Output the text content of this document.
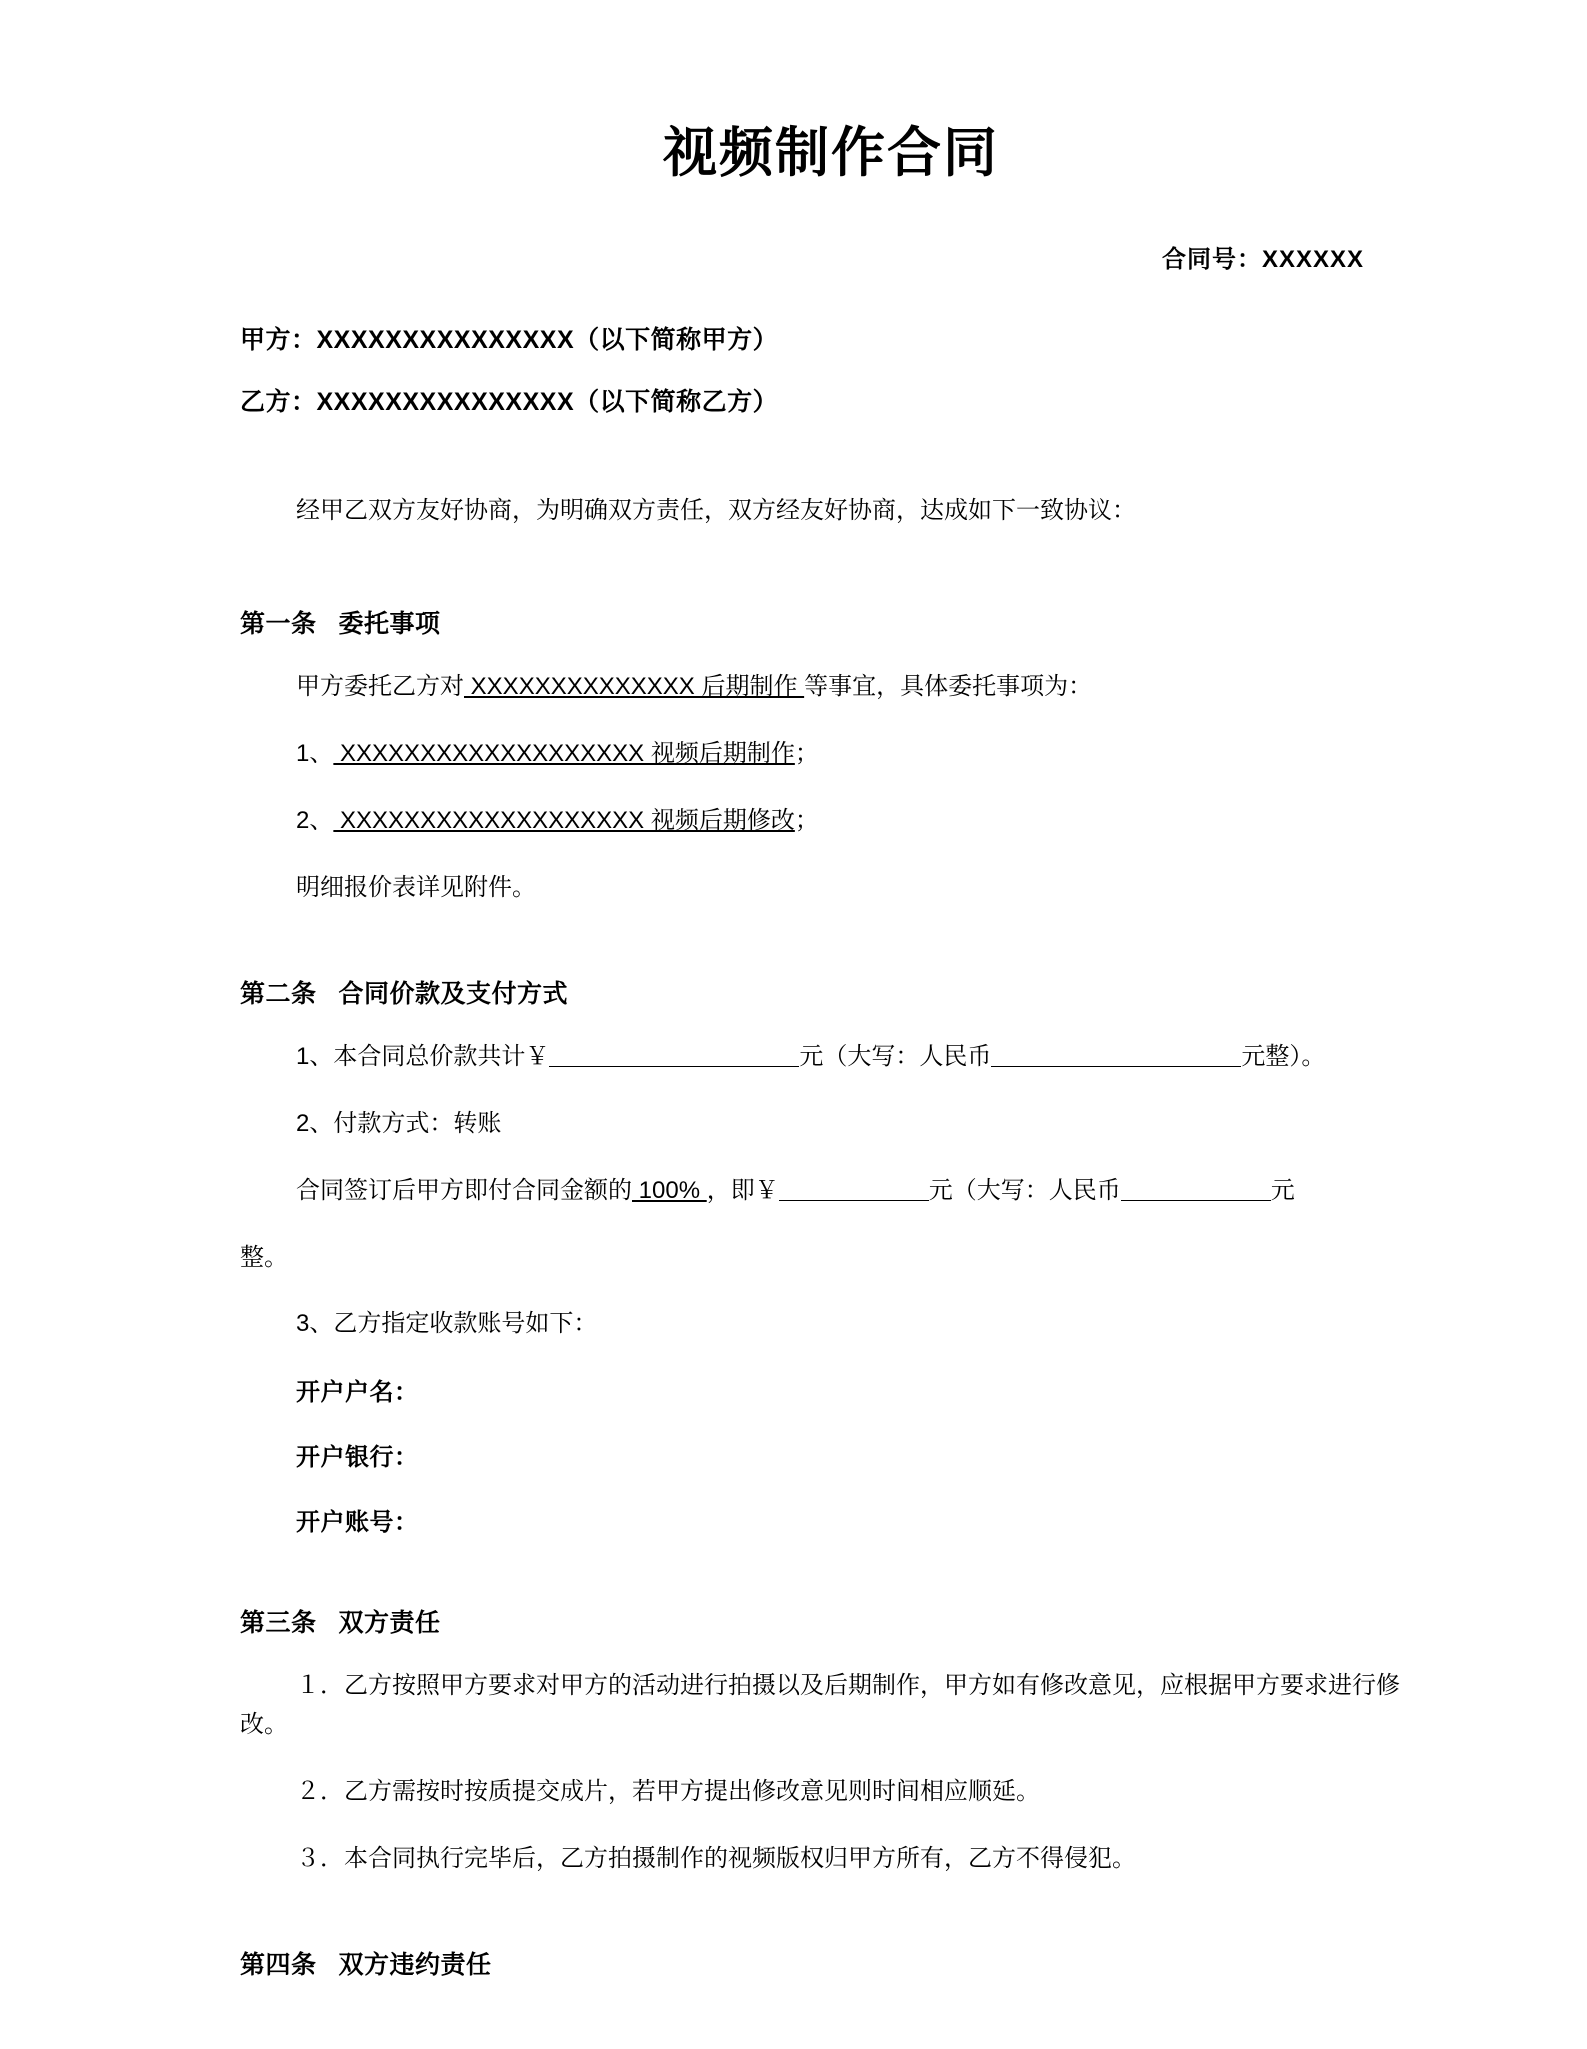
视频制作合同
合同号：XXXXXX
甲方：XXXXXXXXXXXXXXX（以下简称甲方）
乙方：XXXXXXXXXXXXXXX（以下简称乙方）
经甲乙双方友好协商，为明确双方责任，双方经友好协商，达成如下一致协议：
第一条 委托事项
甲方委托乙方对 XXXXXXXXXXXXXX 后期制作 等事宜，具体委托事项为：
1、 XXXXXXXXXXXXXXXXXXX 视频后期制作；
2、 XXXXXXXXXXXXXXXXXXX 视频后期修改；
明细报价表详见附件。
第二条 合同价款及支付方式
1、本合同总价款共计￥	元（大写：人民币	元整）。
2、付款方式：转账
合同签订后甲方即付合同金额的 100% ，即￥	元（大写：人民币	元
整。
3、乙方指定收款账号如下：
开户户名：
开户银行：
开户账号：
第三条 双方责任
１．乙方按照甲方要求对甲方的活动进行拍摄以及后期制作，甲方如有修改意见，应根据甲方要求进行修改。
２．乙方需按时按质提交成片，若甲方提出修改意见则时间相应顺延。
３．本合同执行完毕后，乙方拍摄制作的视频版权归甲方所有，乙方不得侵犯。
第四条 双方违约责任
